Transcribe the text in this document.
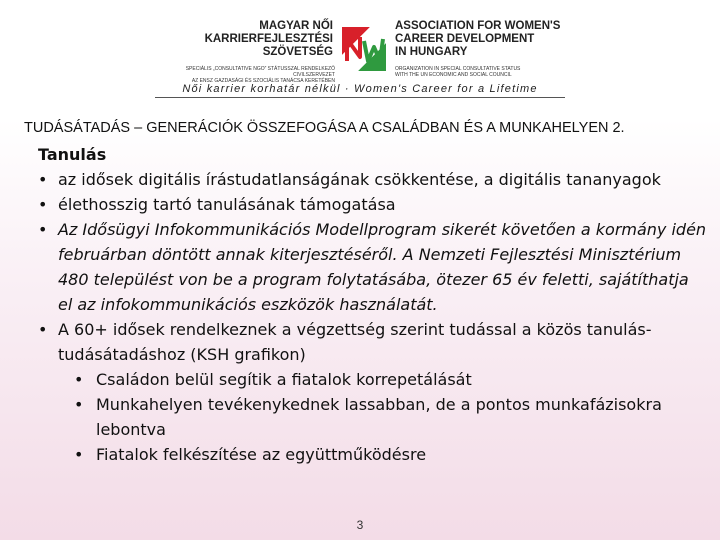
MAGYAR NŐI
KARRIERFEJLESZTÉSI
SZÖVETSÉG
SPECIÁLIS „CONSULTATIVE NGO” STÁTUSSZAL RENDELKEZŐ CIVILSZERVEZET
AZ ENSZ GAZDASÁGI ÉS SZOCIÁLIS TANÁCSA KERETÉBEN
ASSOCIATION FOR WOMEN'S
CAREER DEVELOPMENT
IN HUNGARY
ORGANIZATION IN SPECIAL CONSULTATIVE STATUS
WITH THE UN ECONOMIC AND SOCIAL COUNCIL
Női karrier korhatár nélkül · Women's Career for a Lifetime
TUDÁSÁTADÁS – GENERÁCIÓK ÖSSZEFOGÁSA A CSALÁDBAN ÉS A MUNKAHELYEN 2.
Tanulás
• az idősek digitális írástudatlanságának csökkentése, a digitális tananyagok
• élethosszig tartó tanulásának támogatása
• Az Idősügyi Infokommunikációs Modellprogram sikerét követően a kormány idén februárban döntött annak kiterjesztéséről. A Nemzeti Fejlesztési Minisztérium 480 települést von be a program folytatásába, ötezer 65 év feletti, sajátíthatja el az infokommunikációs eszközök használatát.
• A 60+ idősek rendelkeznek a végzettség szerint tudással a közös tanulás-tudásátadáshoz (KSH grafikon)
• Családon belül segítik a fiatalok korrepetálását
• Munkahelyen tevékenykednek lassabban, de a pontos munkafázisokra lebontva
• Fiatalok felkészítése az együttműködésre
3
